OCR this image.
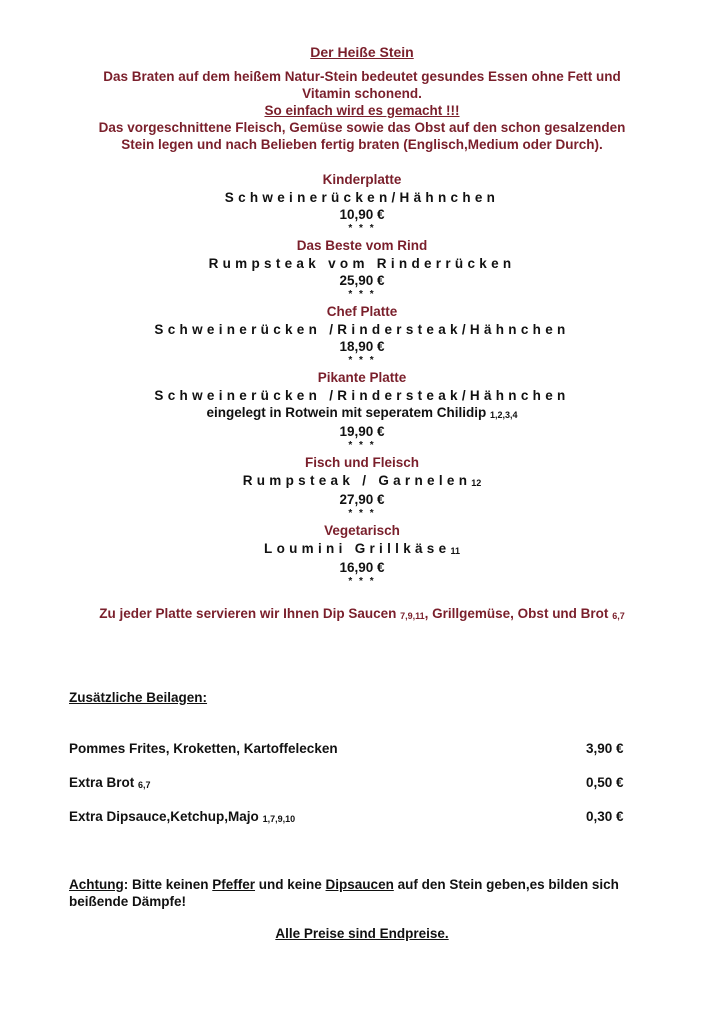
Der Heiße Stein
Das Braten auf dem heißem Natur-Stein bedeutet gesundes Essen ohne Fett und
Vitamin schonend.
So einfach wird es gemacht !!!
Das vorgeschnittene Fleisch, Gemüse sowie das Obst auf den schon gesalzenden
Stein legen und nach Belieben fertig braten (Englisch,Medium oder Durch).
Kinderplatte
Schweinerücken/Hähnchen
10,90 €
* * *
Das Beste vom Rind
Rumpsteak vom Rinderrücken
25,90 €
* * *
Chef Platte
Schweinerücken /Rindersteak/Hähnchen
18,90 €
* * *
Pikante Platte
Schweinerücken /Rindersteak/Hähnchen
eingelegt in Rotwein mit seperatem Chilidip 1,2,3,4
19,90 €
* * *
Fisch und Fleisch
Rumpsteak / Garnelen12
27,90 €
* * *
Vegetarisch
Loumini Grillkäse11
16,90 €
* * *
Zu jeder Platte servieren wir Ihnen Dip Saucen 7,9,11, Grillgemüse, Obst und Brot 6,7
Zusätzliche Beilagen:
Pommes Frites, Kroketten, Kartoffelecken	3,90 €
Extra Brot 6,7	0,50 €
Extra Dipsauce,Ketchup,Majo 1,7,9,10	0,30 €
Achtung: Bitte keinen Pfeffer und keine Dipsaucen auf den Stein geben,es bilden sich beißende Dämpfe!
Alle Preise sind Endpreise.
